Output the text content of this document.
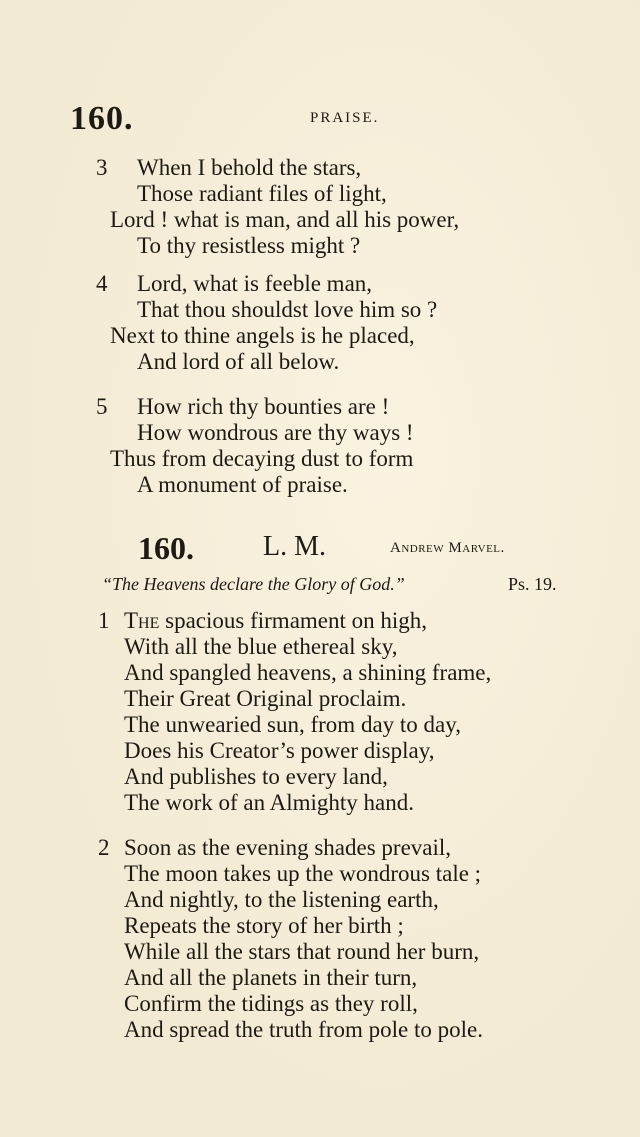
160.	PRAISE.
3 When I behold the stars,
Those radiant files of light,
Lord ! what is man, and all his power,
To thy resistless might ?
4 Lord, what is feeble man,
That thou shouldst love him so ?
Next to thine angels is he placed,
And lord of all below.
5 How rich thy bounties are !
How wondrous are thy ways !
Thus from decaying dust to form
A monument of praise.
160. L. M.	Andrew Marvel.
“The Heavens declare the Glory of God.”	Ps. 19.
1 The spacious firmament on high,
With all the blue ethereal sky,
And spangled heavens, a shining frame,
Their Great Original proclaim.
The unwearied sun, from day to day,
Does his Creator’s power display,
And publishes to every land,
The work of an Almighty hand.
2 Soon as the evening shades prevail,
The moon takes up the wondrous tale ;
And nightly, to the listening earth,
Repeats the story of her birth ;
While all the stars that round her burn,
And all the planets in their turn,
Confirm the tidings as they roll,
And spread the truth from pole to pole.
